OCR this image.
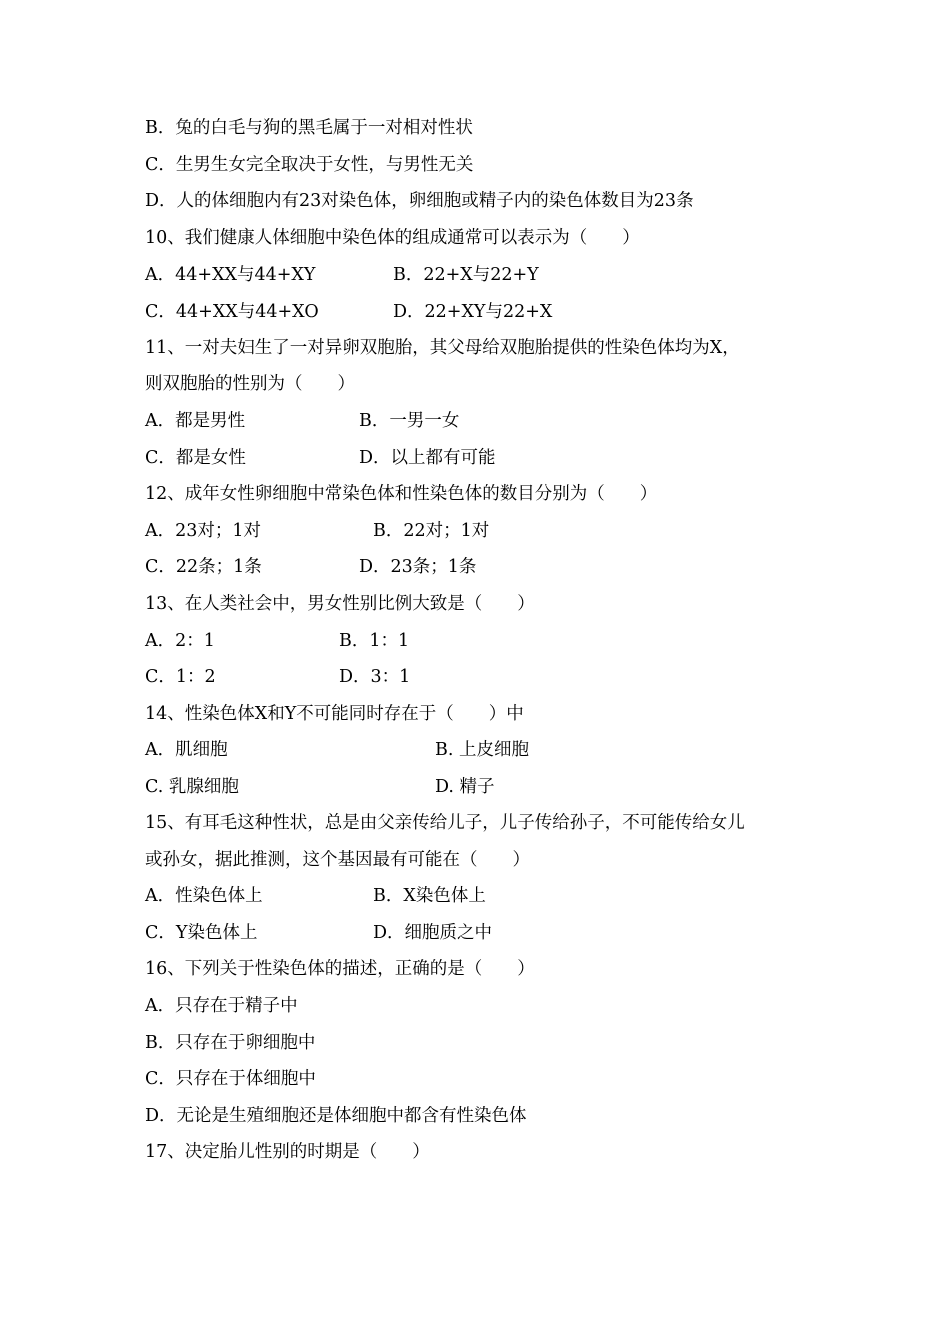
B．兔的白毛与狗的黑毛属于一对相对性状
C．生男生女完全取决于女性，与男性无关
D．人的体细胞内有23对染色体，卵细胞或精子内的染色体数目为23条
10、我们健康人体细胞中染色体的组成通常可以表示为（　　）
A．44+XX与44+XY	B．22+X与22+Y
C．44+XX与44+XO	D．22+XY与22+X
11、一对夫妇生了一对异卵双胞胎，其父母给双胞胎提供的性染色体均为X，
则双胞胎的性别为（　　）
A．都是男性	B．一男一女
C．都是女性	D．以上都有可能
12、成年女性卵细胞中常染色体和性染色体的数目分别为（　　）
A．23对；1对	B．22对；1对
C．22条；1条	D．23条；1条
13、在人类社会中，男女性别比例大致是（　　）
A．2：1	B．1：1
C．1：2	D．3：1
14、性染色体X和Y不可能同时存在于（　　）中
A．肌细胞	B. 上皮细胞
C. 乳腺细胞	D. 精子
15、有耳毛这种性状，总是由父亲传给儿子，儿子传给孙子，不可能传给女儿
或孙女，据此推测，这个基因最有可能在（　　）
A．性染色体上	B．X染色体上
C．Y染色体上	D．细胞质之中
16、下列关于性染色体的描述，正确的是（　　）
A．只存在于精子中
B．只存在于卵细胞中
C．只存在于体细胞中
D．无论是生殖细胞还是体细胞中都含有性染色体
17、决定胎儿性别的时期是（　　）
